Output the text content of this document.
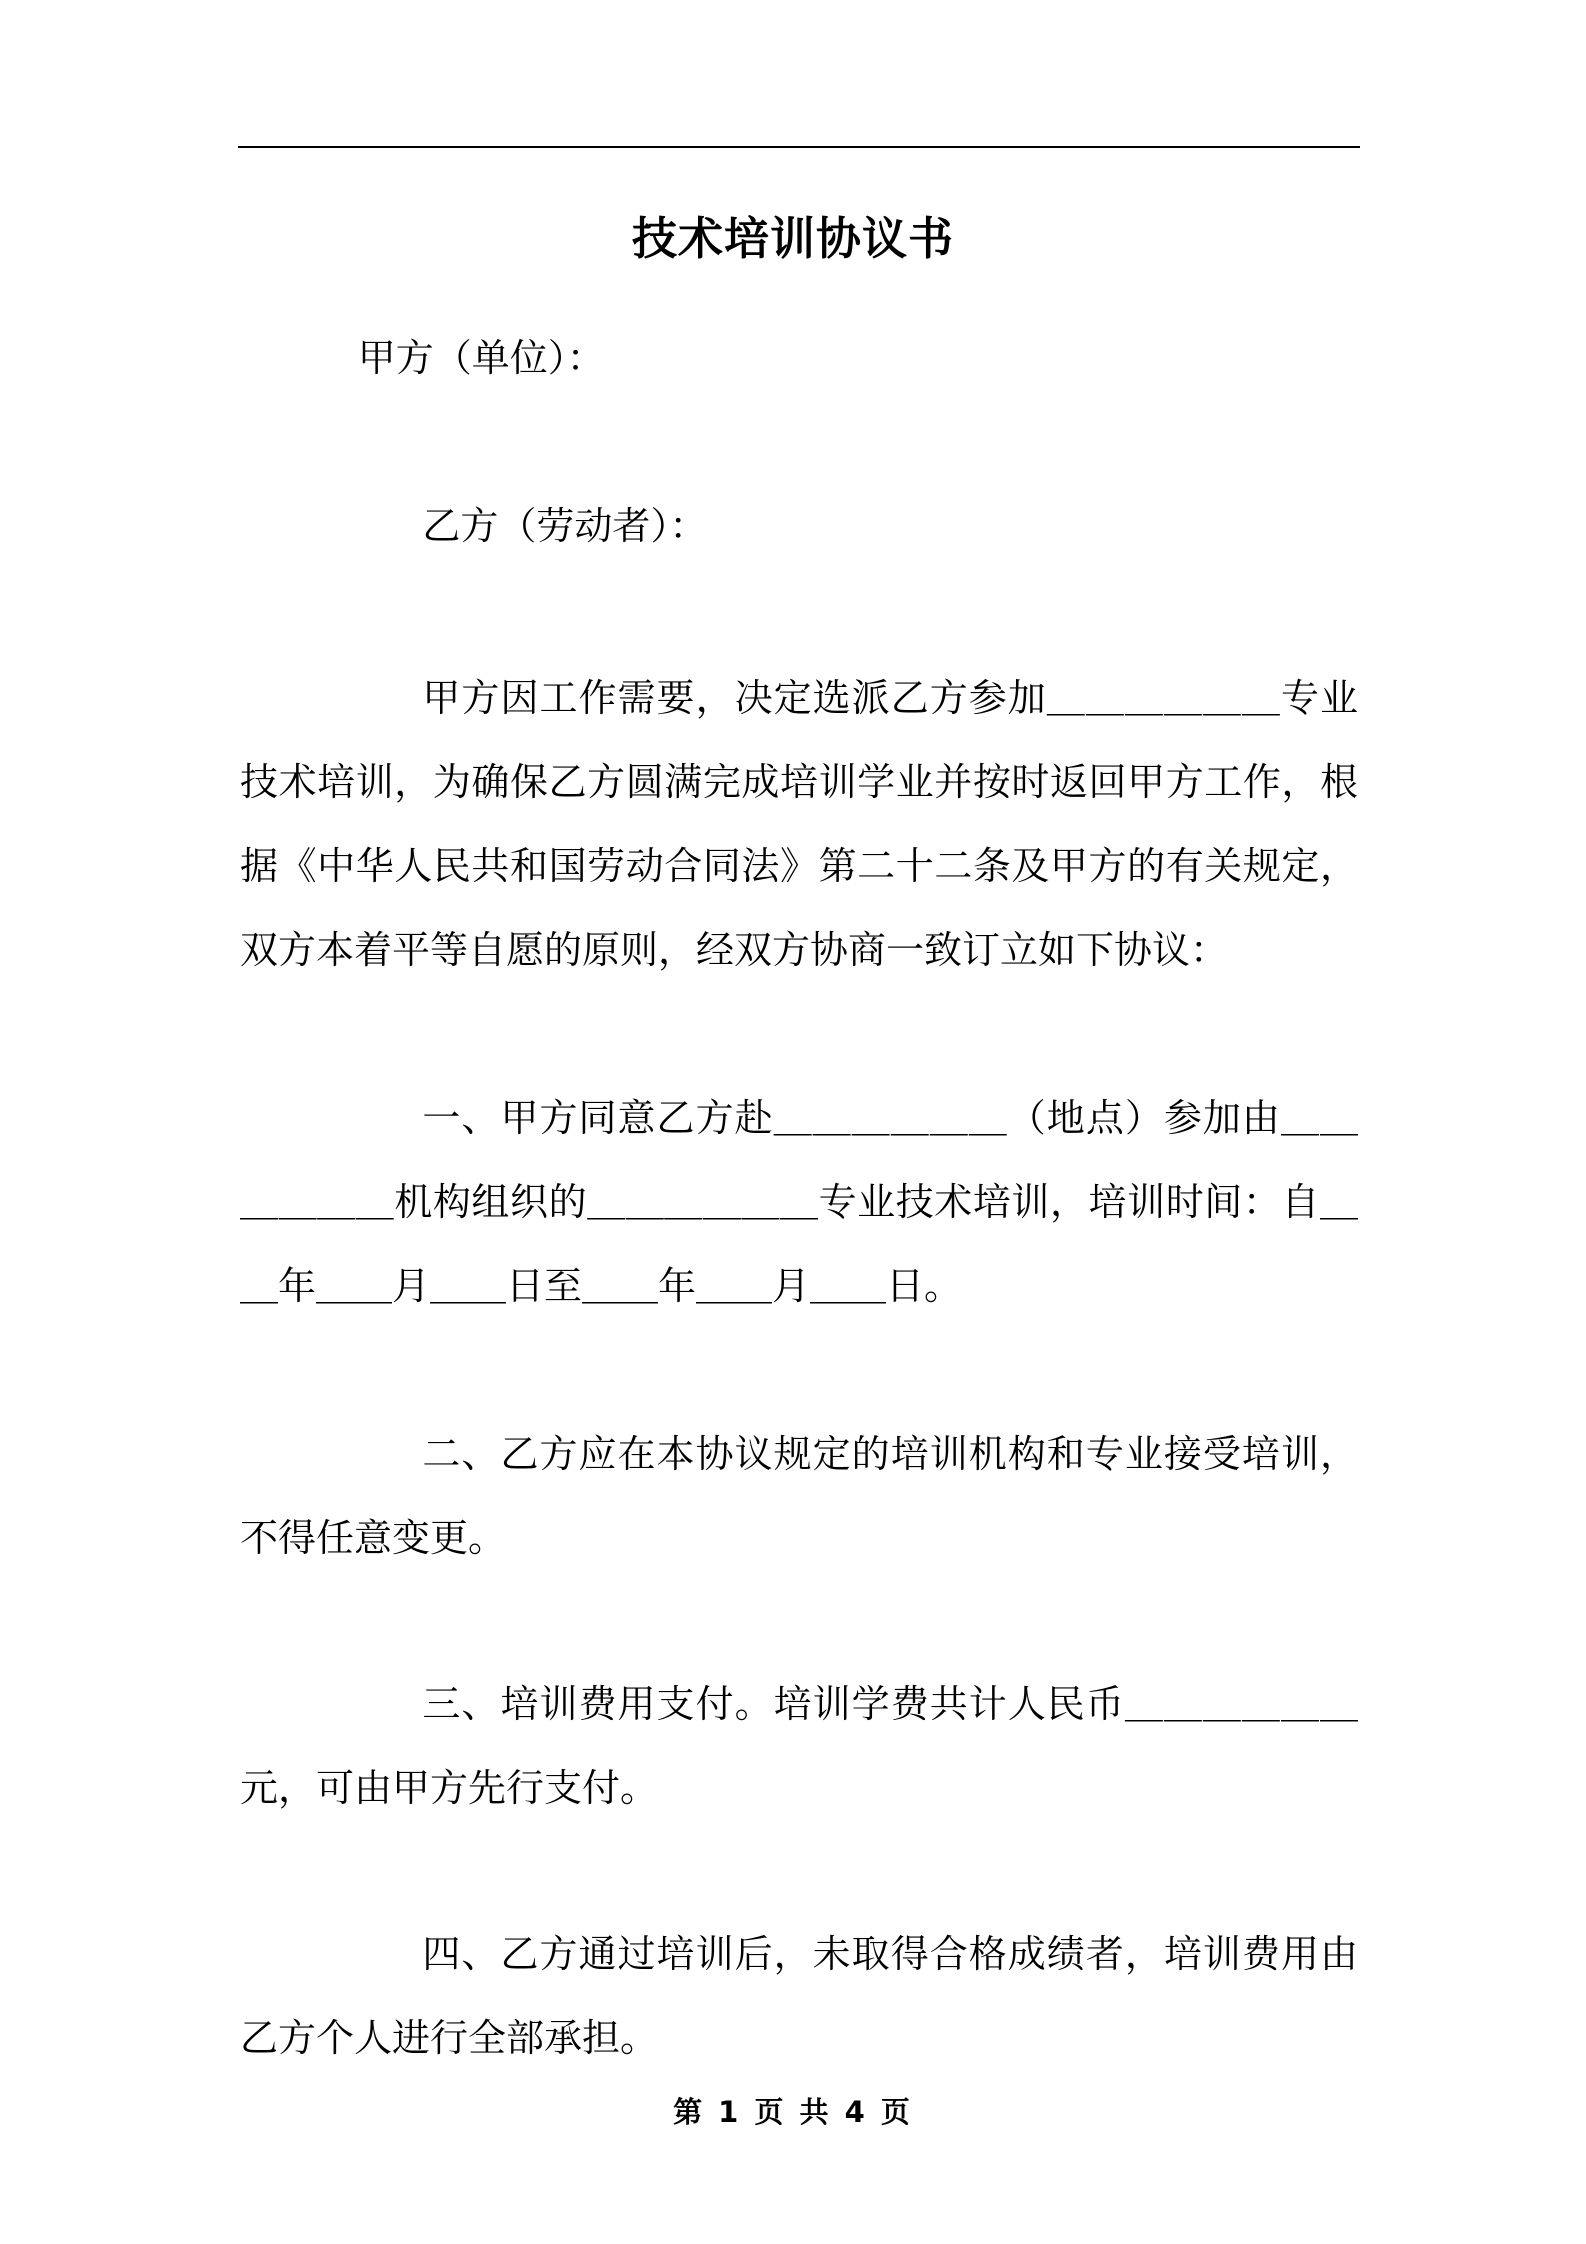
技术培训协议书
甲方（单位）：
乙方（劳动者）：
甲方因工作需要，决定选派乙方参加＿＿＿＿＿＿专业技术培训，为确保乙方圆满完成培训学业并按时返回甲方工作，根据《中华人民共和国劳动合同法》第二十二条及甲方的有关规定，双方本着平等自愿的原则，经双方协商一致订立如下协议：
一、甲方同意乙方赴＿＿＿＿＿＿（地点）参加由＿＿＿＿＿＿机构组织的＿＿＿＿＿＿专业技术培训，培训时间：自＿＿年＿＿月＿＿日至＿＿年＿＿月＿＿日。
二、乙方应在本协议规定的培训机构和专业接受培训，不得任意变更。
三、培训费用支付。培训学费共计人民币＿＿＿＿＿＿元，可由甲方先行支付。
四、乙方通过培训后，未取得合格成绩者，培训费用由乙方个人进行全部承担。
第 1 页 共 4 页
